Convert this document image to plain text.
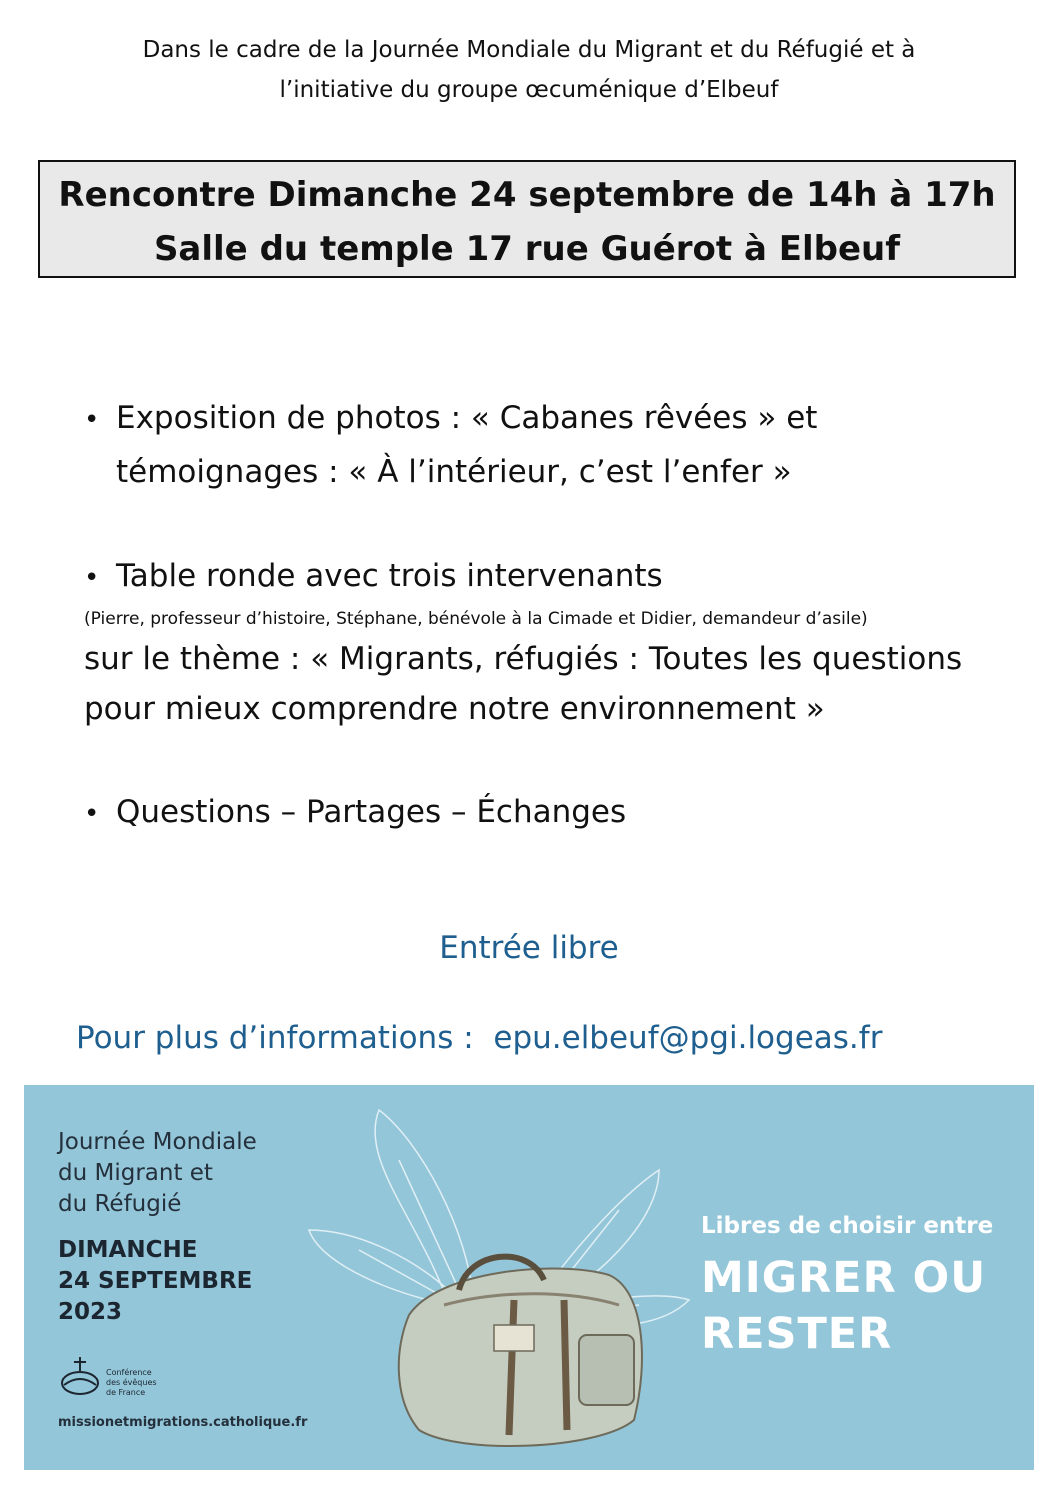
Dans le cadre de la Journée Mondiale du Migrant et du Réfugié et à
l’initiative du groupe œcuménique d’Elbeuf
Rencontre Dimanche 24 septembre de 14h à 17h
Salle du temple 17 rue Guérot à Elbeuf
• Exposition de photos : « Cabanes rêvées » et
témoignages : « À l’intérieur, c’est l’enfer »
• Table ronde avec trois intervenants
(Pierre, professeur d’histoire, Stéphane, bénévole à la Cimade et Didier, demandeur d’asile)
sur le thème : « Migrants, réfugiés : Toutes les questions
pour mieux comprendre notre environnement »
• Questions – Partages – Échanges
Entrée libre
Pour plus d’informations : epu.elbeuf@pgi.logeas.fr
Journée Mondiale
du Migrant et
du Réfugié
DIMANCHE
24 SEPTEMBRE
2023
Conférence
des évêques
de France
missionetmigrations.catholique.fr
Libres de choisir entre
MIGRER OU
RESTER
